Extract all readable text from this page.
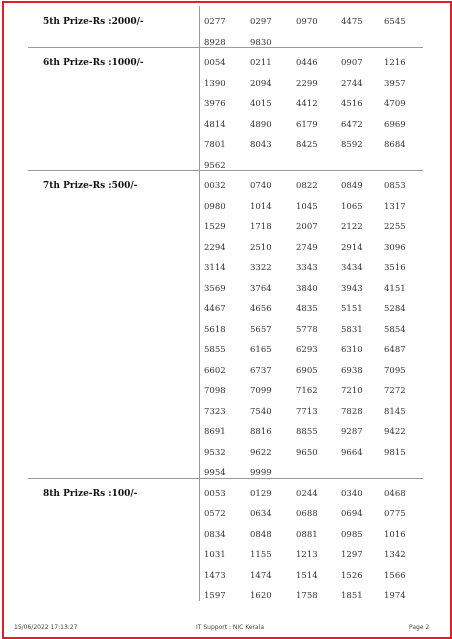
5th Prize-Rs :2000/-	0277	0297	0970	4475	6545
8928	9830
6th Prize-Rs :1000/-	0054	0211	0446	0907	1216
1390	2094	2299	2744	3957
3976	4015	4412	4516	4709
4814	4890	6179	6472	6969
7801	8043	8425	8592	8684
9562
7th Prize-Rs :500/-	0032	0740	0822	0849	0853
0980	1014	1045	1065	1317
1529	1718	2007	2122	2255
2294	2510	2749	2914	3096
3114	3322	3343	3434	3516
3569	3764	3840	3943	4151
4467	4656	4835	5151	5284
5618	5657	5778	5831	5854
5855	6165	6293	6310	6487
6602	6737	6905	6938	7095
7098	7099	7162	7210	7272
7323	7540	7713	7828	8145
8691	8816	8855	9287	9422
9532	9622	9650	9664	9815
9954	9999
8th Prize-Rs :100/-	0053	0129	0244	0340	0468
0572	0634	0688	0694	0775
0834	0848	0881	0985	1016
1031	1155	1213	1297	1342
1473	1474	1514	1526	1566
1597	1620	1758	1851	1974
15/06/2022 17:13:27	IT Support : NIC Kerala	Page 2
